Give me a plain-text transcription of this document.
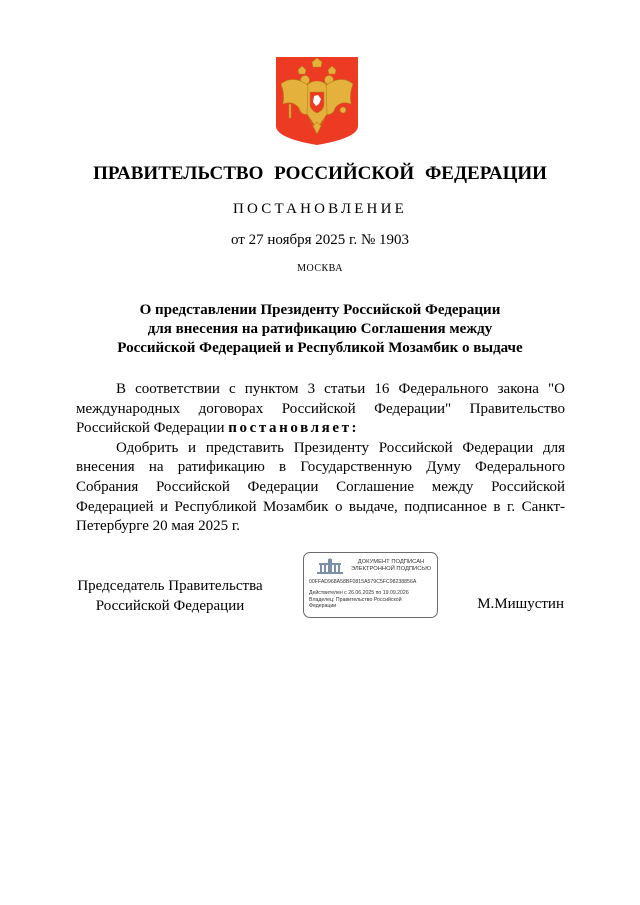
ПРАВИТЕЛЬСТВО РОССИЙСКОЙ ФЕДЕРАЦИИ
ПОСТАНОВЛЕНИЕ
от 27 ноября 2025 г. № 1903
МОСКВА
О представлении Президенту Российской Федерации
для внесения на ратификацию Соглашения между
Российской Федерацией и Республикой Мозамбик о выдаче

В соответствии с пунктом 3 статьи 16 Федерального закона "О международных договорах Российской Федерации" Правительство Российской Федерации постановляет:

Одобрить и представить Президенту Российской Федерации для внесения на ратификацию в Государственную Думу Федерального Собрания Российской Федерации Соглашение между Российской Федерацией и Республикой Мозамбик о выдаче, подписанное в г. Санкт-Петербурге 20 мая 2025 г.

Председатель Правительства
Российской Федерации
ДОКУМЕНТ ПОДПИСАН
ЭЛЕКТРОННОЙ ПОДПИСЬЮ
00FFAD968A58BF0815A579C5FC98238856A
Действителен с 26.06.2025 по 19.09.2026
Владелец: Правительство Российской
Федерации	М.Мишустин
